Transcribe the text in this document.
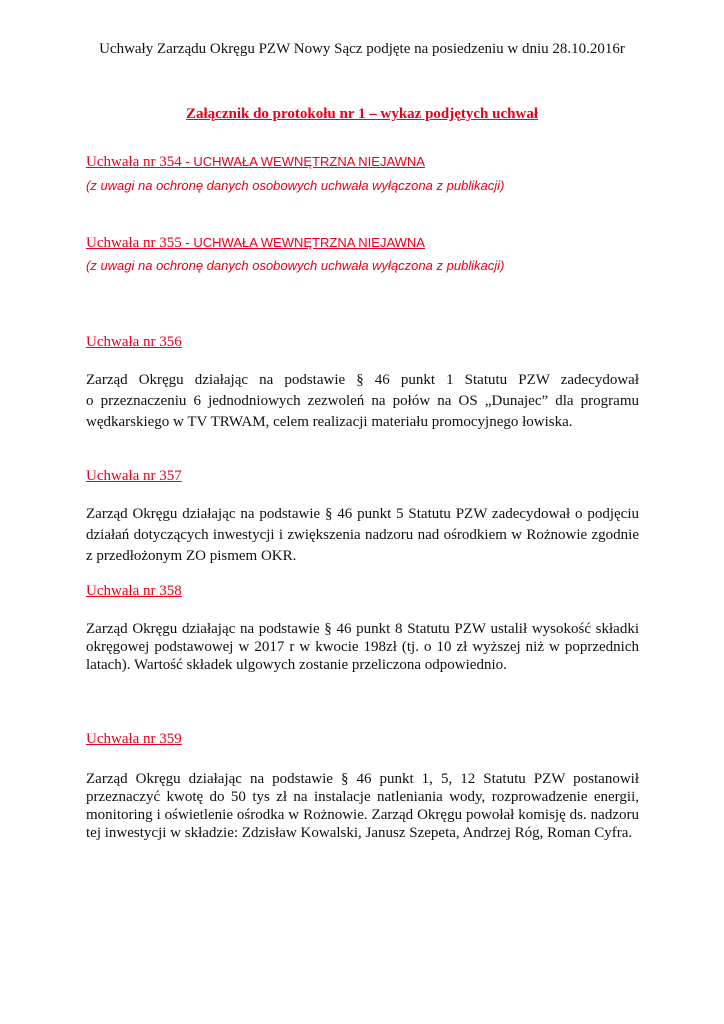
Uchwały Zarządu Okręgu PZW Nowy Sącz podjęte na posiedzeniu w dniu 28.10.2016r

Załącznik do protokołu nr 1 – wykaz podjętych uchwał

Uchwała nr 354 - UCHWAŁA WEWNĘTRZNA NIEJAWNA

(z uwagi na ochronę danych osobowych uchwała wyłączona z publikacji)

Uchwała nr 355 - UCHWAŁA WEWNĘTRZNA NIEJAWNA

(z uwagi na ochronę danych osobowych uchwała wyłączona z publikacji)

Uchwała nr 356

Zarząd Okręgu działając na podstawie § 46 punkt 1 Statutu PZW zadecydował

o przeznaczeniu 6 jednodniowych zezwoleń na połów na OS „Dunajec” dla programu

wędkarskiego w TV TRWAM, celem realizacji materiału promocyjnego łowiska.

Uchwała nr 357

Zarząd Okręgu działając na podstawie § 46 punkt 5 Statutu PZW zadecydował o podjęciu

działań dotyczących inwestycji i zwiększenia nadzoru nad ośrodkiem w Rożnowie zgodnie

z przedłożonym ZO pismem OKR.

Uchwała nr 358

Zarząd Okręgu działając na podstawie § 46 punkt 8 Statutu PZW ustalił wysokość składki

okręgowej podstawowej w 2017 r w kwocie 198zł (tj. o 10 zł wyższej niż w poprzednich

latach). Wartość składek ulgowych zostanie przeliczona odpowiednio.

Uchwała nr 359

Zarząd Okręgu działając na podstawie § 46 punkt 1, 5, 12 Statutu PZW postanowił

przeznaczyć kwotę do 50 tys zł na instalacje natleniania wody, rozprowadzenie energii,

monitoring i oświetlenie ośrodka w Rożnowie. Zarząd Okręgu powołał komisję ds. nadzoru

tej inwestycji w składzie: Zdzisław Kowalski, Janusz Szepeta, Andrzej Róg, Roman Cyfra.
